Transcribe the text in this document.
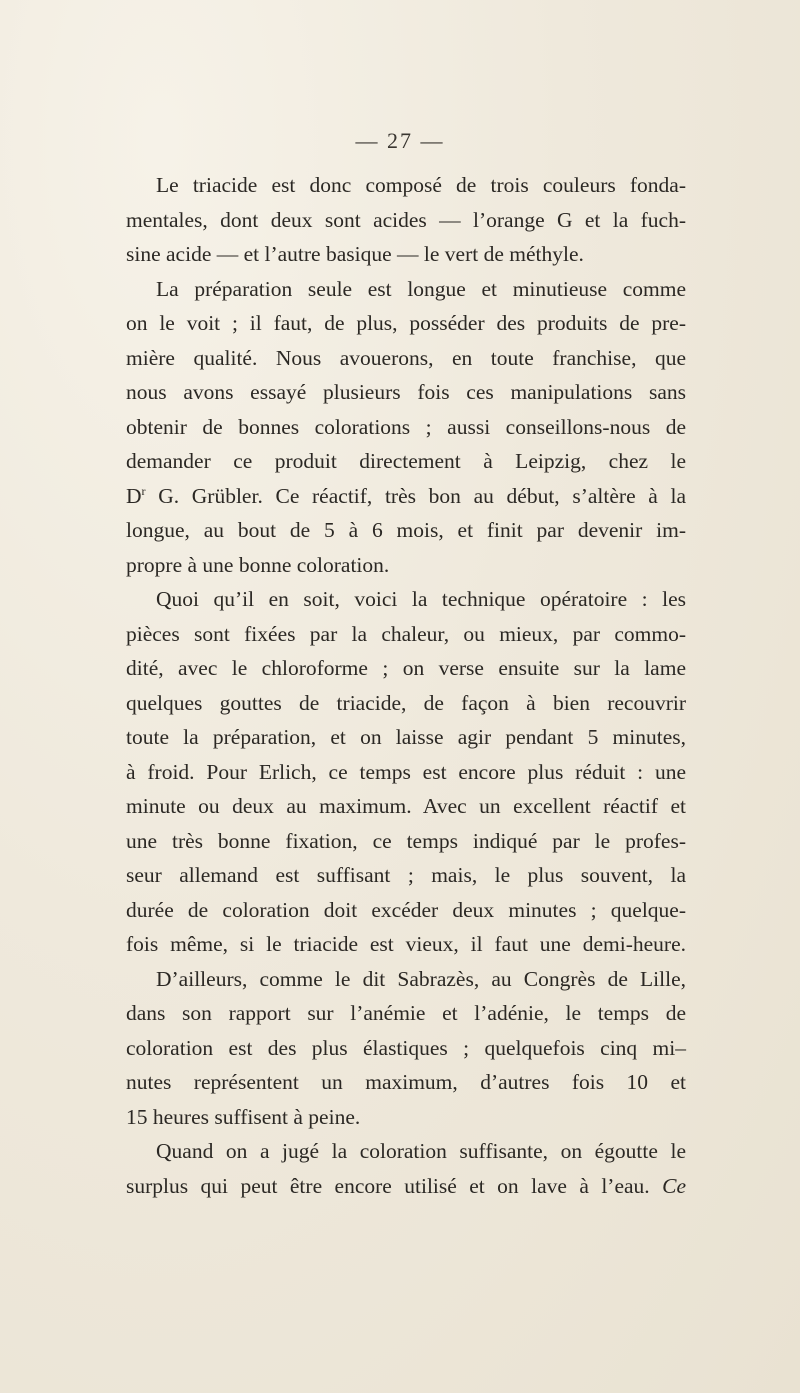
— 27 —
Le triacide est donc composé de trois couleurs fonda-
mentales, dont deux sont acides — l’orange G et la fuch-
sine acide — et l’autre basique — le vert de méthyle.
La préparation seule est longue et minutieuse comme
on le voit ; il faut, de plus, posséder des produits de pre-
mière qualité. Nous avouerons, en toute franchise, que
nous avons essayé plusieurs fois ces manipulations sans
obtenir de bonnes colorations ; aussi conseillons-nous de
demander ce produit directement à Leipzig, chez le
$D^r$ G. Grübler. Ce réactif, très bon au début, s’altère à la
longue, au bout de 5 à 6 mois, et finit par devenir im-
propre à une bonne coloration.
Quoi qu’il en soit, voici la technique opératoire : les
pièces sont fixées par la chaleur, ou mieux, par commo-
dité, avec le chloroforme ; on verse ensuite sur la lame
quelques gouttes de triacide, de façon à bien recouvrir
toute la préparation, et on laisse agir pendant 5 minutes,
à froid. Pour Erlich, ce temps est encore plus réduit : une
minute ou deux au maximum. Avec un excellent réactif et
une très bonne fixation, ce temps indiqué par le profes-
seur allemand est suffisant ; mais, le plus souvent, la
durée de coloration doit excéder deux minutes ; quelque-
fois même, si le triacide est vieux, il faut une demi-heure.
D’ailleurs, comme le dit Sabrazès, au Congrès de Lille,
dans son rapport sur l’anémie et l’adénie, le temps de
coloration est des plus élastiques ; quelquefois cinq mi–
nutes représentent un maximum, d’autres fois 10 et
15 heures suffisent à peine.
Quand on a jugé la coloration suffisante, on égoutte le
surplus qui peut être encore utilisé et on lave à l’eau. Ce
